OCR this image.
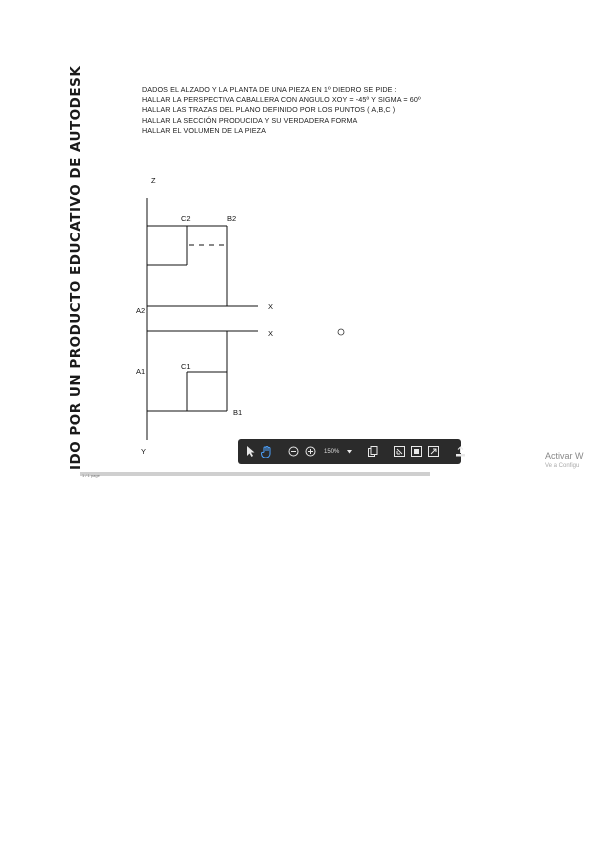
IDO POR UN PRODUCTO EDUCATIVO DE AUTODESK	DADOS EL ALZADO Y LA PLANTA DE UNA PIEZA EN 1º DIEDRO SE PIDE :
HALLAR LA PERSPECTIVA CABALLERA CON ANGULO XOY = -45º Y SIGMA = 60º
HALLAR LAS TRAZAS DEL PLANO DEFINIDO POR LOS PUNTOS ( A,B,C )
HALLAR LA SECCIÓN PRODUCIDA Y SU VERDADERA FORMA
HALLAR EL VOLUMEN DE LA PIEZA
Z
C2	B2
A2	X
X
A1
C1
B1
Y	150%	Activar W
Ve a Configu
1 / 1 page
